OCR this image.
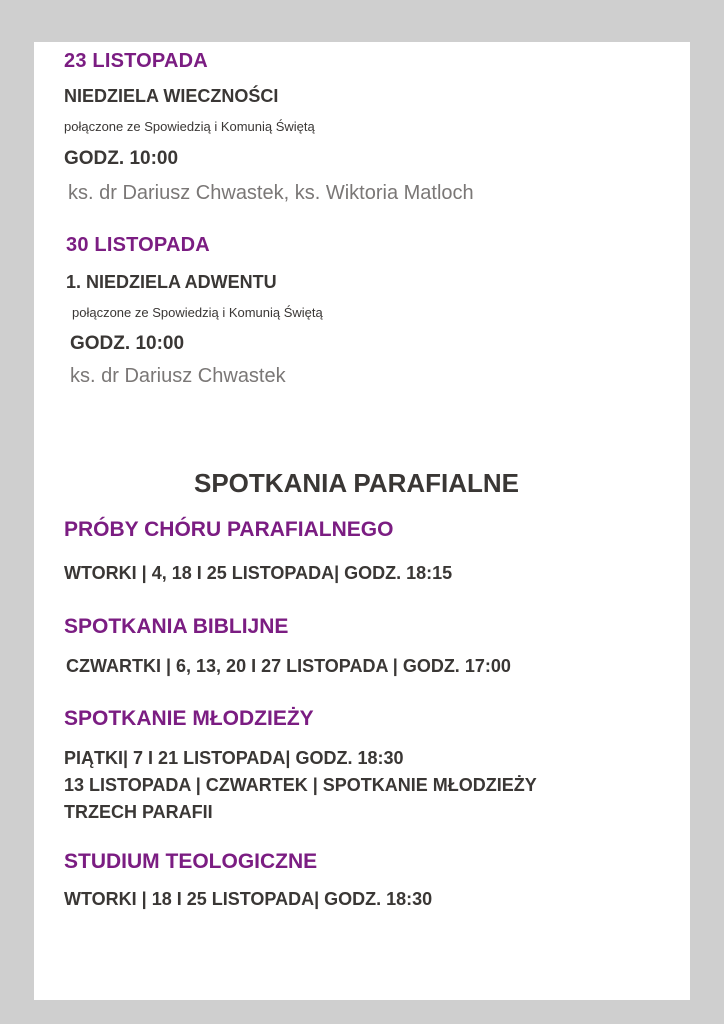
23 LISTOPADA
NIEDZIELA WIECZNOŚCI
połączone ze Spowiedzią i Komunią Świętą
GODZ. 10:00
ks. dr Dariusz Chwastek, ks. Wiktoria Matloch
30 LISTOPADA
1. NIEDZIELA ADWENTU
połączone ze Spowiedzią i Komunią Świętą
GODZ. 10:00
ks. dr Dariusz Chwastek
SPOTKANIA PARAFIALNE
PRÓBY CHÓRU PARAFIALNEGO
WTORKI | 4, 18 I 25 LISTOPADA| GODZ. 18:15
SPOTKANIA BIBLIJNE
CZWARTKI | 6, 13, 20 I 27 LISTOPADA | GODZ. 17:00
SPOTKANIE MŁODZIEŻY
PIĄTKI| 7 I 21 LISTOPADA| GODZ. 18:30
13 LISTOPADA | CZWARTEK | SPOTKANIE MŁODZIEŻY
TRZECH PARAFII
STUDIUM TEOLOGICZNE
WTORKI | 18 I 25 LISTOPADA| GODZ. 18:30
